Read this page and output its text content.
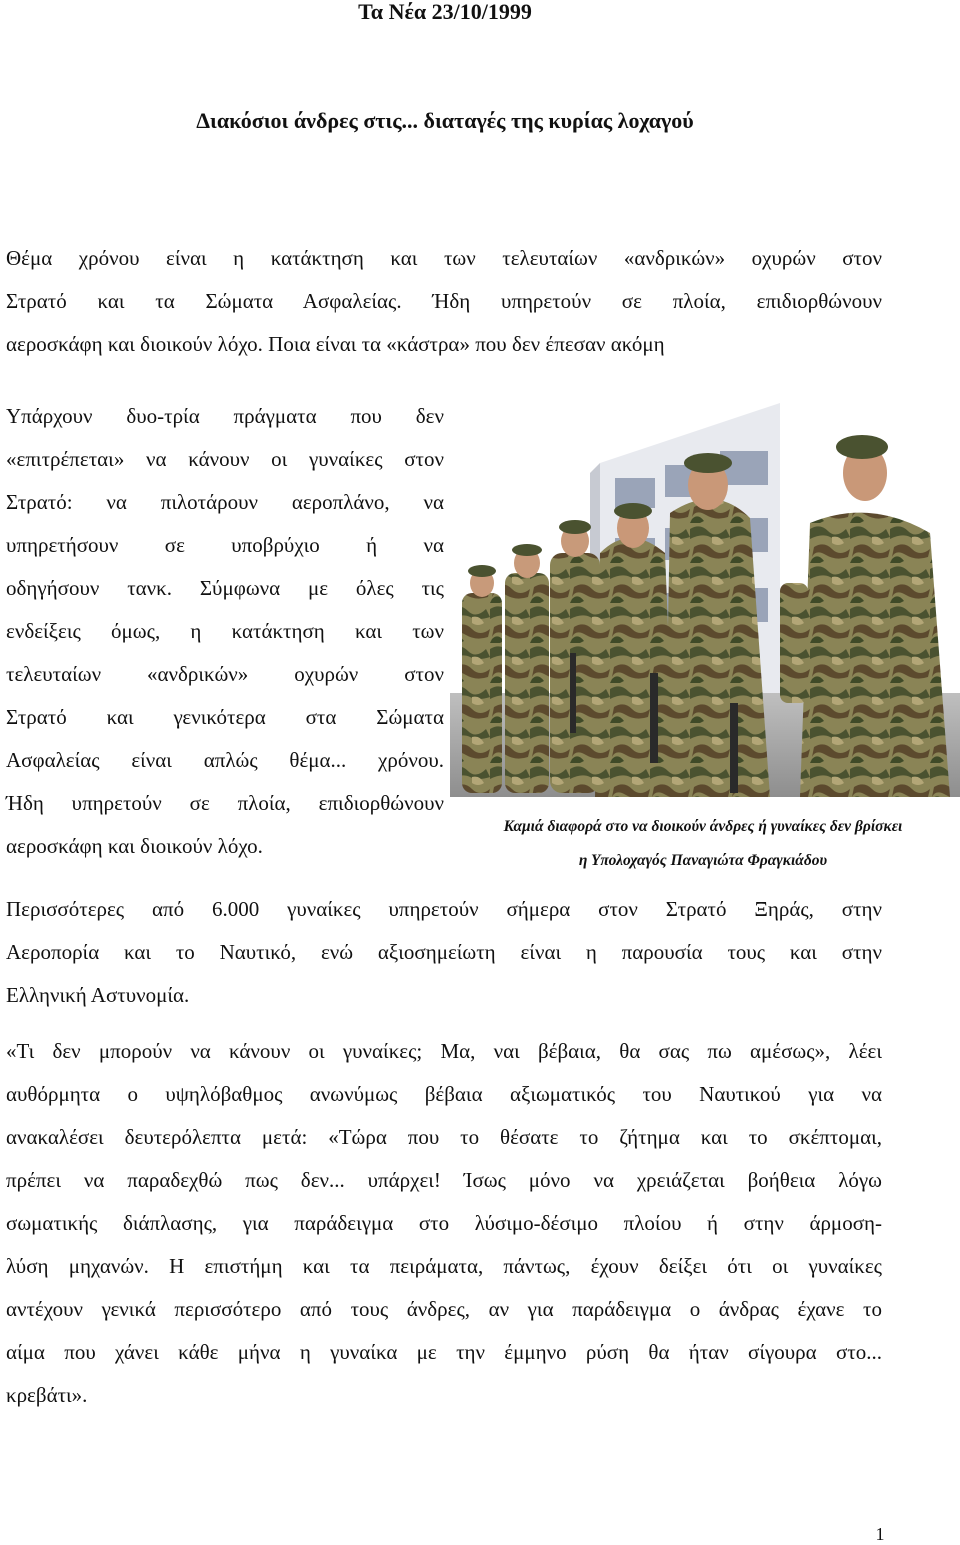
Τα Νέα 23/10/1999
Διακόσιοι άνδρες στις... διαταγές της κυρίας λοχαγού
Θέμα χρόνου είναι η κατάκτηση και των τελευταίων «ανδρικών» οχυρών στον
Στρατό και τα Σώματα Ασφαλείας. Ήδη υπηρετούν σε πλοία, επιδιορθώνουν
αεροσκάφη και διοικούν λόχο. Ποια είναι τα «κάστρα» που δεν έπεσαν ακόμη
Υπάρχουν δυο-τρία πράγματα που δεν
«επιτρέπεται» να κάνουν οι γυναίκες στον
Στρατό: να πιλοτάρουν αεροπλάνο, να
υπηρετήσουν σε υποβρύχιο ή να
οδηγήσουν τανκ. Σύμφωνα με όλες τις
ενδείξεις όμως, η κατάκτηση και των
τελευταίων «ανδρικών» οχυρών στον
Στρατό και γενικότερα στα Σώματα
Ασφαλείας είναι απλώς θέμα... χρόνου.
Ήδη υπηρετούν σε πλοία, επιδιορθώνουν
αεροσκάφη και διοικούν λόχο.
Καμιά διαφορά στο να διοικούν άνδρες ή γυναίκες δεν βρίσκει
η Υπολοχαγός Παναγιώτα Φραγκιάδου
Περισσότερες από 6.000 γυναίκες υπηρετούν σήμερα στον Στρατό Ξηράς, στην
Αεροπορία και το Ναυτικό, ενώ αξιοσημείωτη είναι η παρουσία τους και στην
Ελληνική Αστυνομία.
«Τι δεν μπορούν να κάνουν οι γυναίκες; Μα, ναι βέβαια, θα σας πω αμέσως», λέει
αυθόρμητα ο υψηλόβαθμος ανωνύμως βέβαια αξιωματικός του Ναυτικού για να
ανακαλέσει δευτερόλεπτα μετά: «Τώρα που το θέσατε το ζήτημα και το σκέπτομαι,
πρέπει να παραδεχθώ πως δεν... υπάρχει! Ίσως μόνο να χρειάζεται βοήθεια λόγω
σωματικής διάπλασης, για παράδειγμα στο λύσιμο-δέσιμο πλοίου ή στην άρμοση-
λύση μηχανών. Η επιστήμη και τα πειράματα, πάντως, έχουν δείξει ότι οι γυναίκες
αντέχουν γενικά περισσότερο από τους άνδρες, αν για παράδειγμα ο άνδρας έχανε το
αίμα που χάνει κάθε μήνα η γυναίκα με την έμμηνο ρύση θα ήταν σίγουρα στο...
κρεβάτι».
1
